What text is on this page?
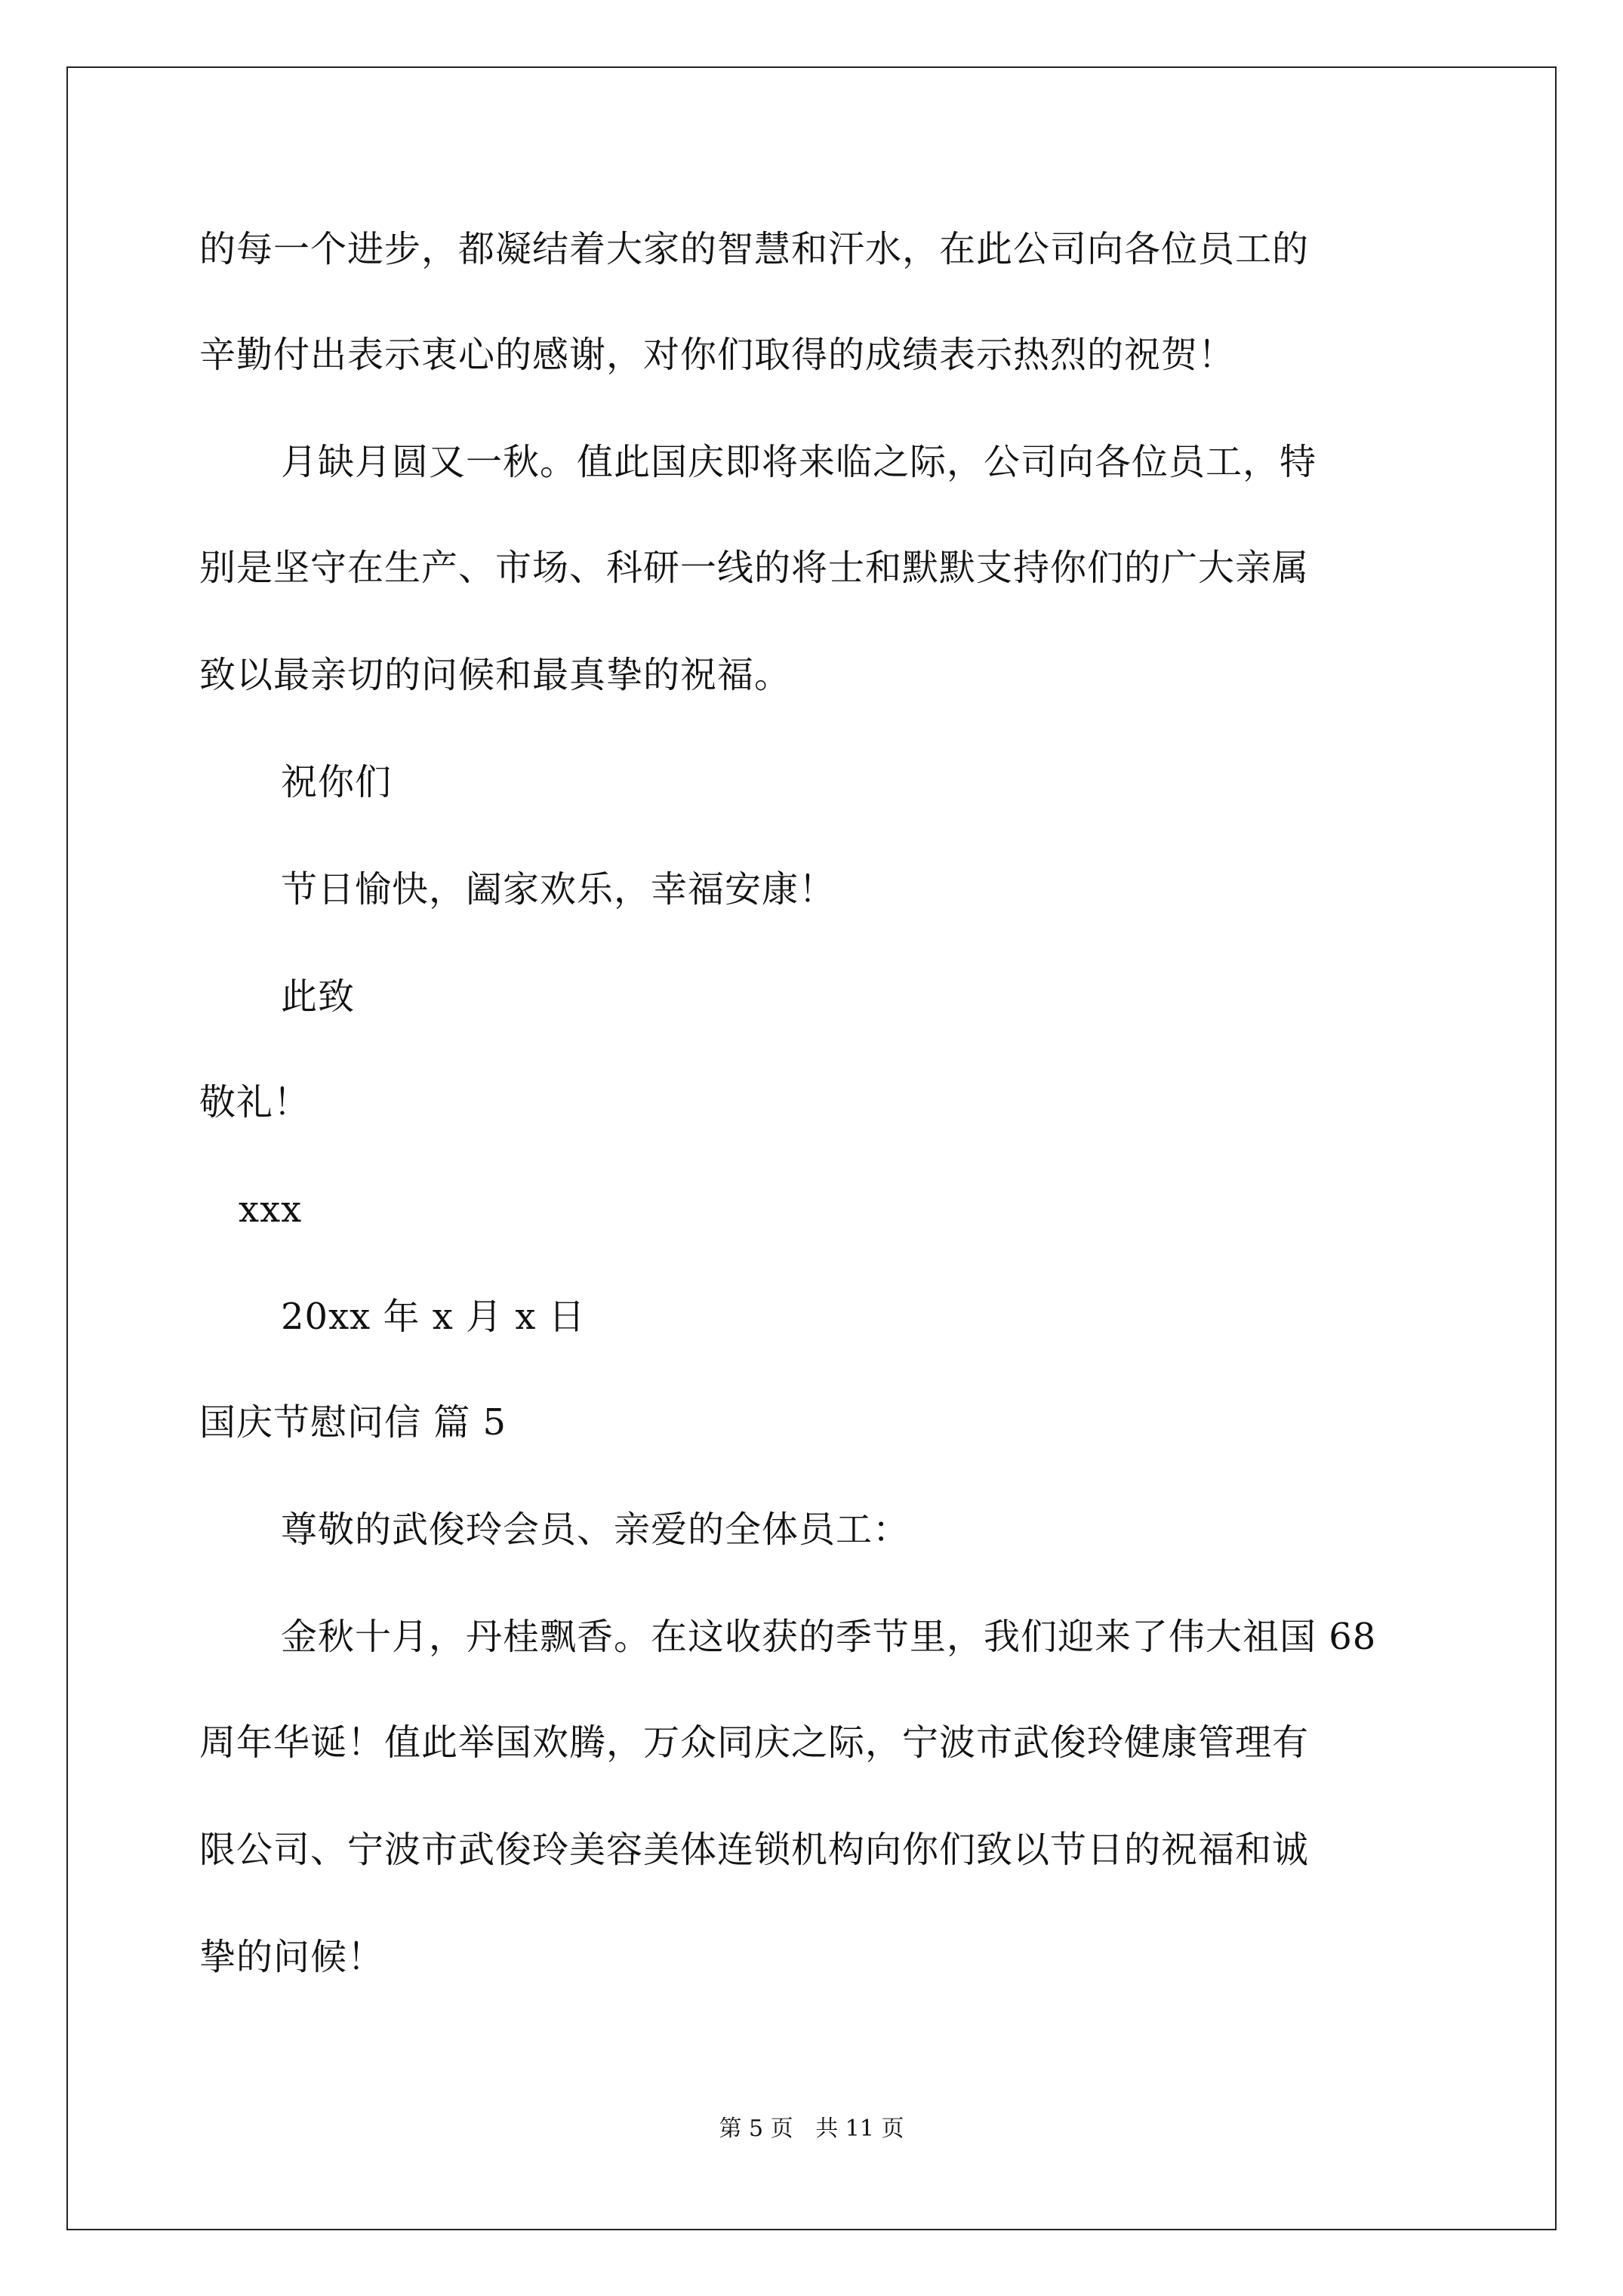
的每一个进步，都凝结着大家的智慧和汗水，在此公司向各位员工的
辛勤付出表示衷心的感谢，对你们取得的成绩表示热烈的祝贺！
月缺月圆又一秋。值此国庆即将来临之际，公司向各位员工，特
别是坚守在生产、市场、科研一线的将士和默默支持你们的广大亲属
致以最亲切的问候和最真挚的祝福。
祝你们
节日愉快，阖家欢乐，幸福安康！
此致
敬礼！
xxx
20xx 年 x 月 x 日
国庆节慰问信 篇 5
尊敬的武俊玲会员、亲爱的全体员工：
金秋十月，丹桂飘香。在这收获的季节里，我们迎来了伟大祖国 68
周年华诞！值此举国欢腾，万众同庆之际，宁波市武俊玲健康管理有
限公司、宁波市武俊玲美容美体连锁机构向你们致以节日的祝福和诚
挚的问候！
第 5 页 共 11 页
